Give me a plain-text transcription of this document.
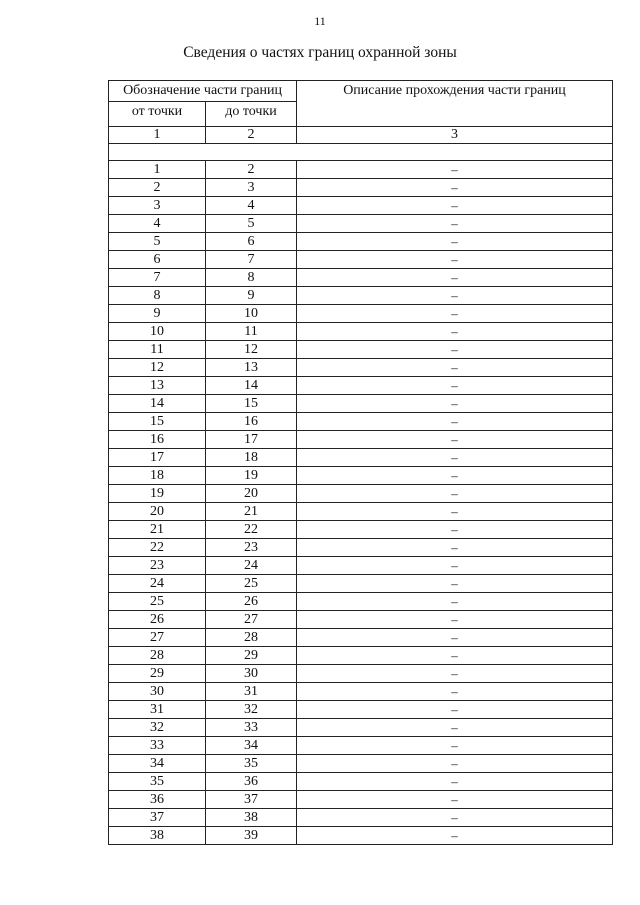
11
Сведения о частях границ охранной зоны
Обозначение части границ		Описание прохождения части границ
от точки	до точки	
1	2	3

1	2	–
2	3	–
3	4	–
4	5	–
5	6	–
6	7	–
7	8	–
8	9	–
9	10	–
10	11	–
11	12	–
12	13	–
13	14	–
14	15	–
15	16	–
16	17	–
17	18	–
18	19	–
19	20	–
20	21	–
21	22	–
22	23	–
23	24	–
24	25	–
25	26	–
26	27	–
27	28	–
28	29	–
29	30	–
30	31	–
31	32	–
32	33	–
33	34	–
34	35	–
35	36	–
36	37	–
37	38	–
38	39	–
